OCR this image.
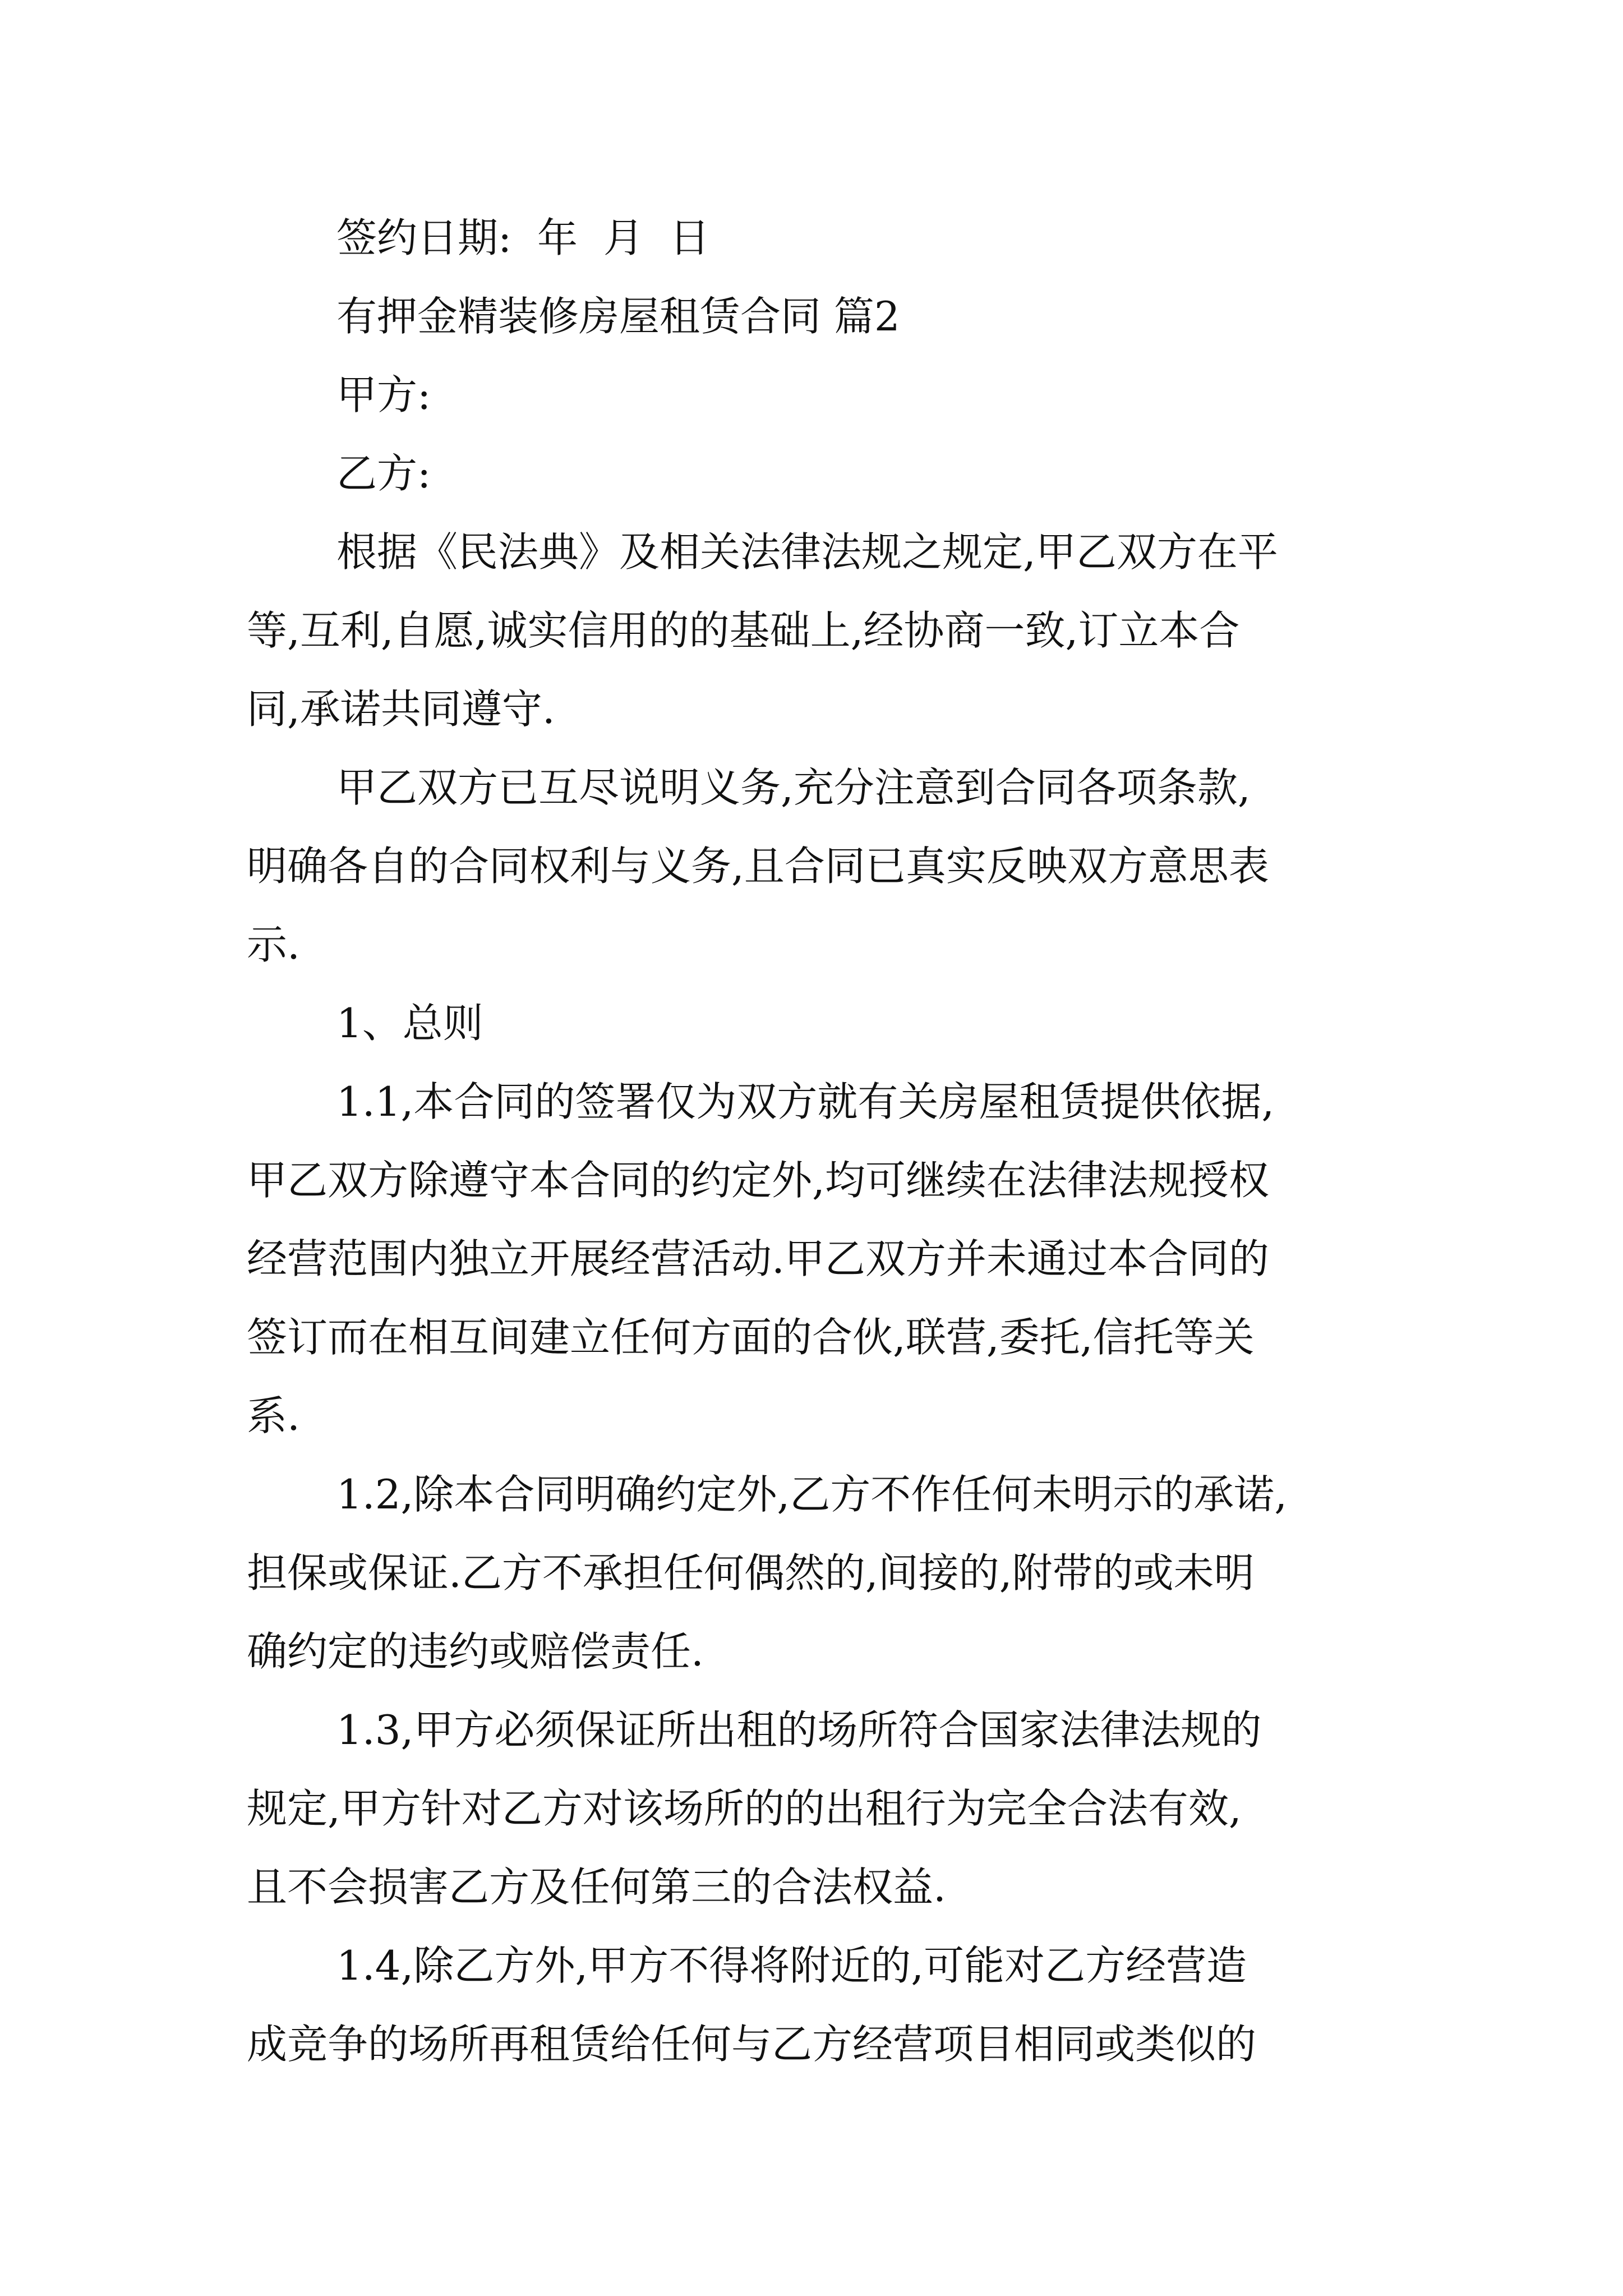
签约日期:  年  月  日
有押金精装修房屋租赁合同 篇2
甲方:
乙方:
根据《民法典》及相关法律法规之规定,甲乙双方在平
等,互利,自愿,诚实信用的的基础上,经协商一致,订立本合
同,承诺共同遵守.
甲乙双方已互尽说明义务,充分注意到合同各项条款,
明确各自的合同权利与义务,且合同已真实反映双方意思表
示.
1、总则
1.1,本合同的签署仅为双方就有关房屋租赁提供依据,
甲乙双方除遵守本合同的约定外,均可继续在法律法规授权
经营范围内独立开展经营活动.甲乙双方并未通过本合同的
签订而在相互间建立任何方面的合伙,联营,委托,信托等关
系.
1.2,除本合同明确约定外,乙方不作任何未明示的承诺,
担保或保证.乙方不承担任何偶然的,间接的,附带的或未明
确约定的违约或赔偿责任.
1.3,甲方必须保证所出租的场所符合国家法律法规的
规定,甲方针对乙方对该场所的的出租行为完全合法有效,
且不会损害乙方及任何第三的合法权益.
1.4,除乙方外,甲方不得将附近的,可能对乙方经营造
成竞争的场所再租赁给任何与乙方经营项目相同或类似的
